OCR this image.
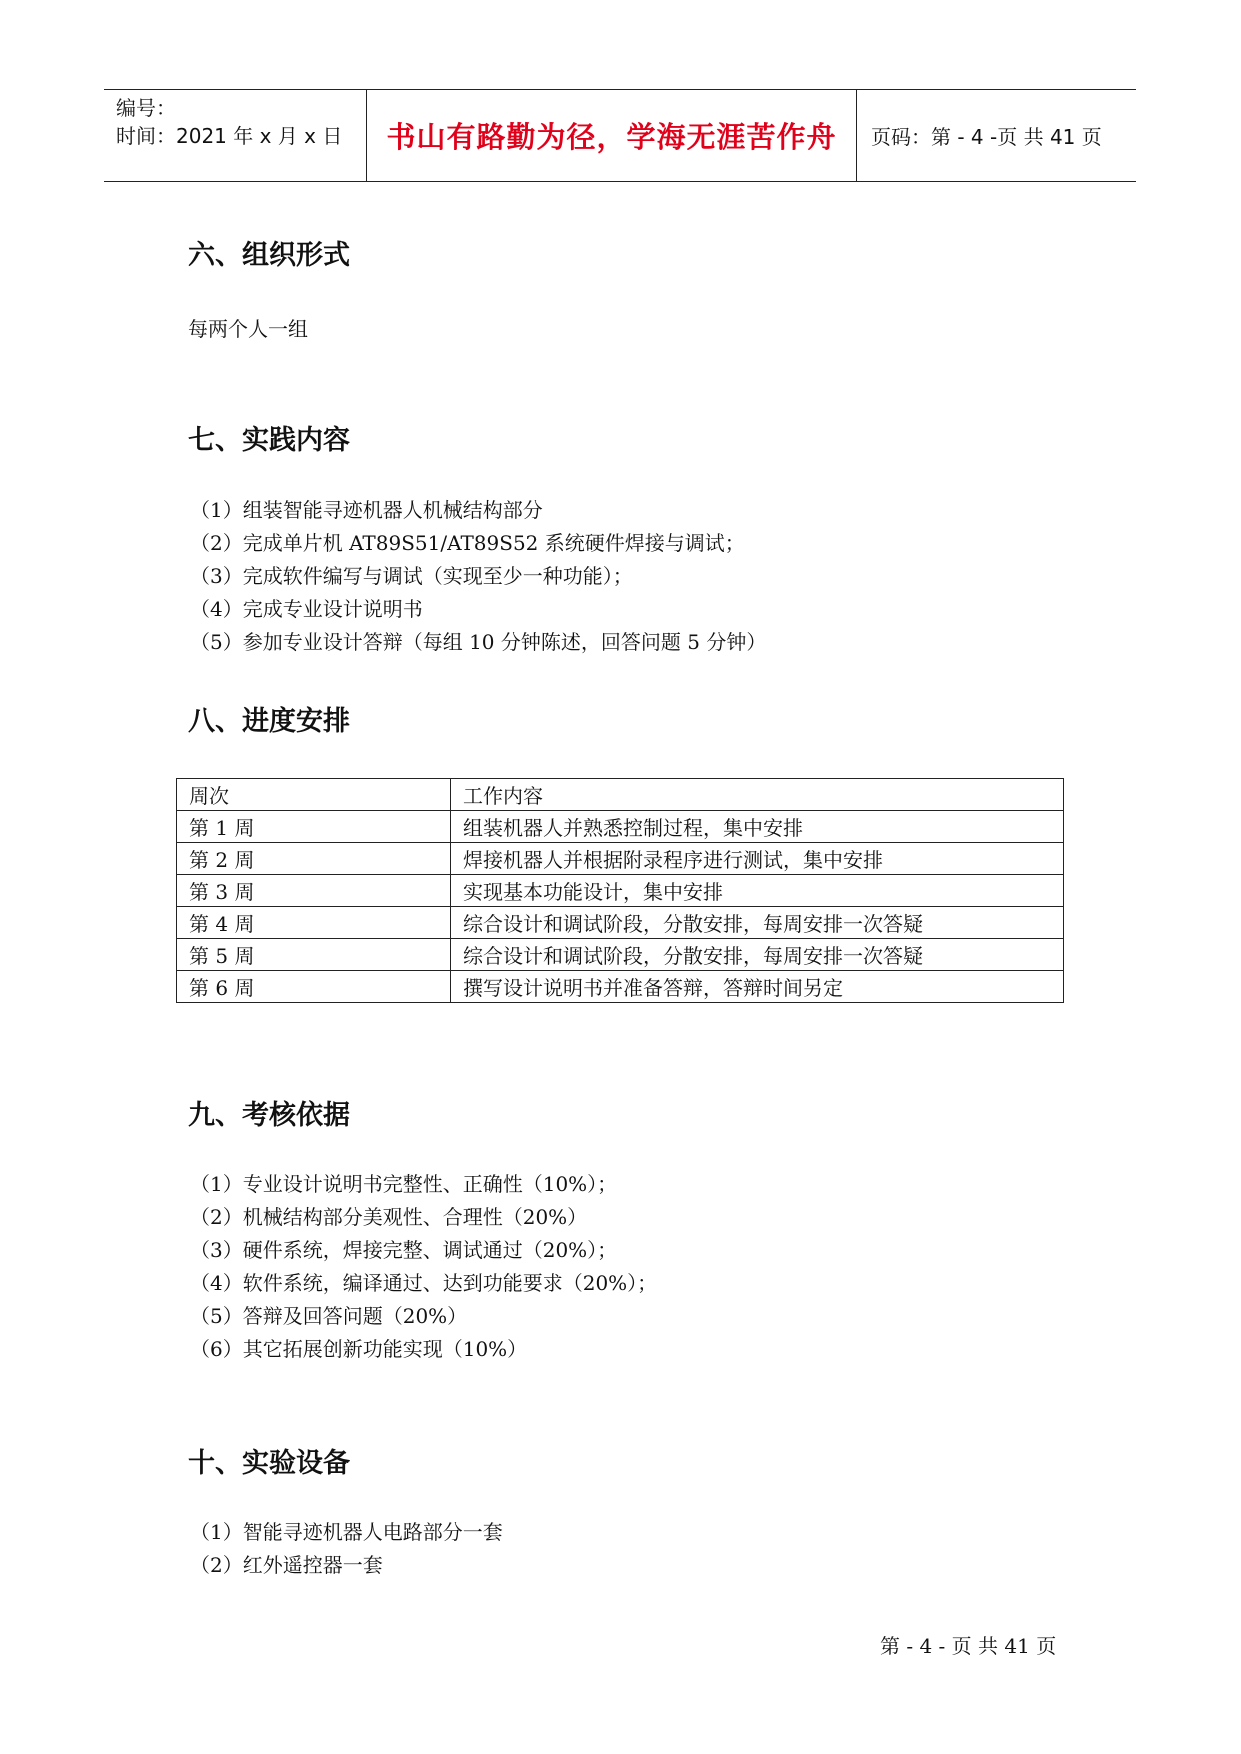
编号：
时间：2021 年 x 月 x 日	书山有路勤为径，学海无涯苦作舟	页码：第 - 4 -页 共 41 页
六、组织形式
每两个人一组
七、实践内容
（1）组装智能寻迹机器人机械结构部分
（2）完成单片机 AT89S51/AT89S52 系统硬件焊接与调试；
（3）完成软件编写与调试（实现至少一种功能）；
（4）完成专业设计说明书
（5）参加专业设计答辩（每组 10 分钟陈述，回答问题 5 分钟）
八、进度安排
周次	工作内容
第 1 周	组装机器人并熟悉控制过程，集中安排
第 2 周	焊接机器人并根据附录程序进行测试，集中安排
第 3 周	实现基本功能设计，集中安排
第 4 周	综合设计和调试阶段，分散安排，每周安排一次答疑
第 5 周	综合设计和调试阶段，分散安排，每周安排一次答疑
第 6 周	撰写设计说明书并准备答辩，答辩时间另定
九、考核依据
（1）专业设计说明书完整性、正确性（10%）；
（2）机械结构部分美观性、合理性（20%）
（3）硬件系统，焊接完整、调试通过（20%）；
（4）软件系统，编译通过、达到功能要求（20%）；
（5）答辩及回答问题（20%）
（6）其它拓展创新功能实现（10%）
十、实验设备
（1）智能寻迹机器人电路部分一套
（2）红外遥控器一套
第 - 4 - 页 共 41 页
